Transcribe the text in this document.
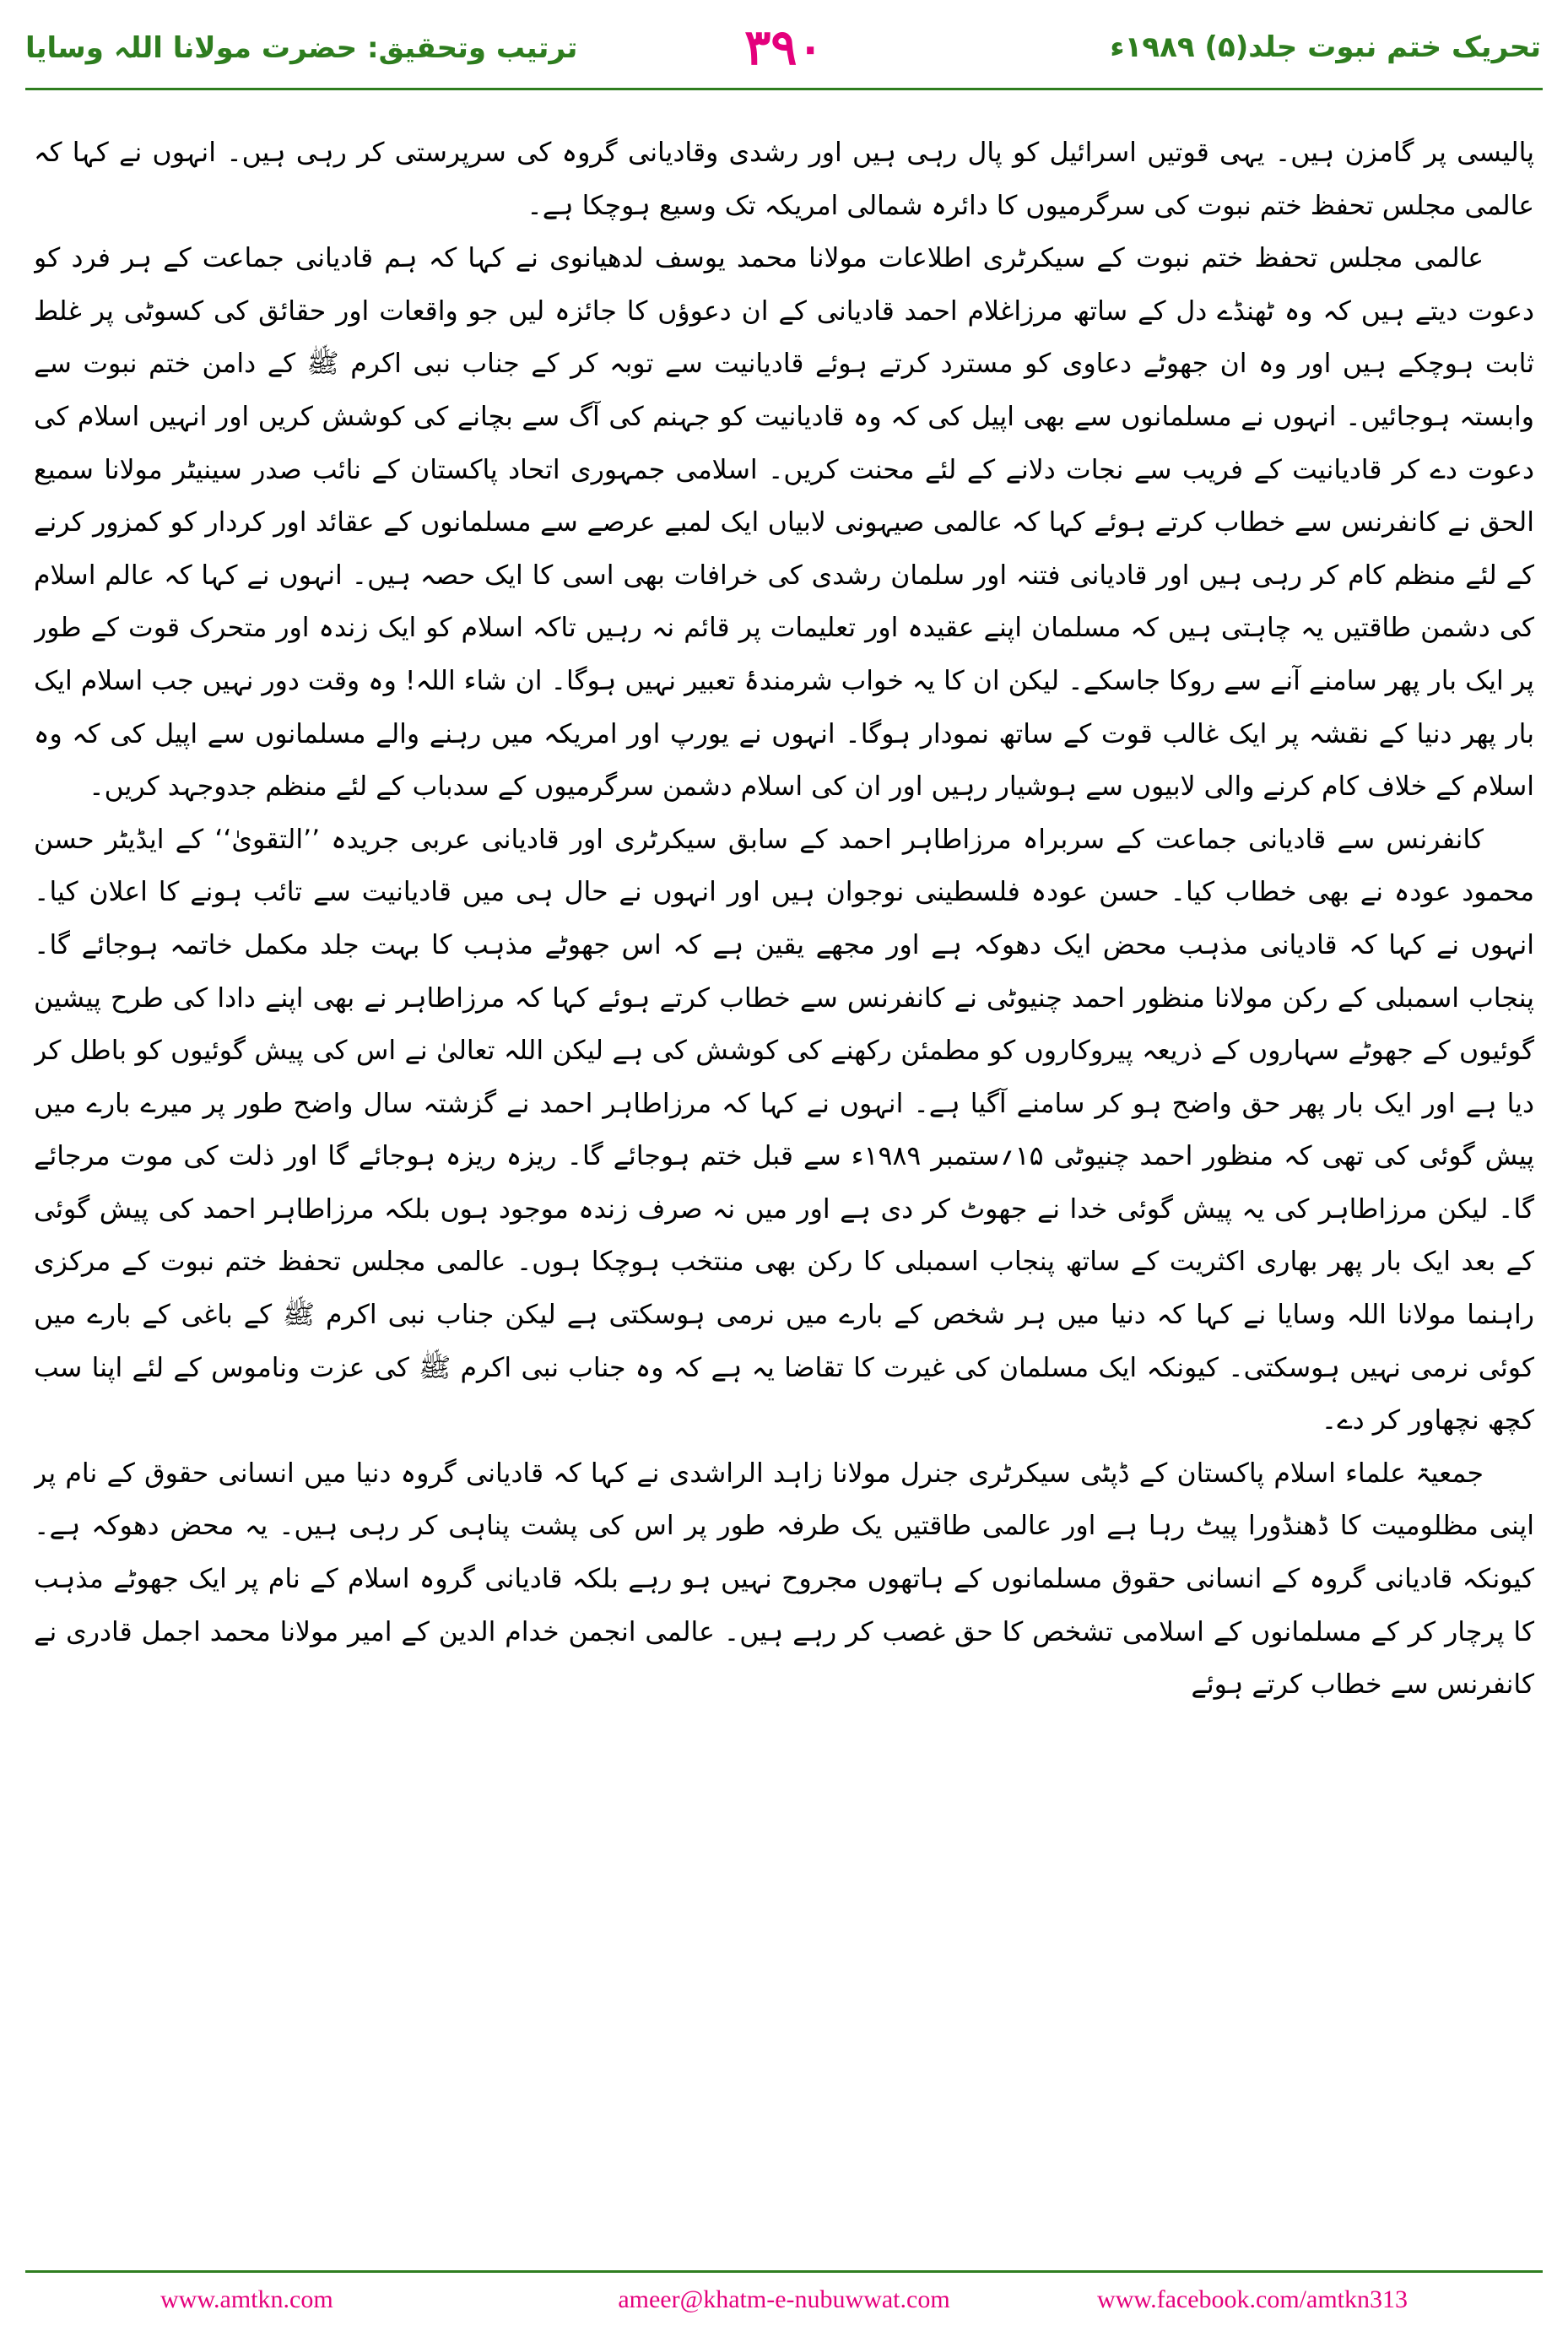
ترتیب وتحقیق: حضرت مولانا اللہ وسایا	۳۹۰	تحریک ختم نبوت جلد(۵) ۱۹۸۹ء

پالیسی پر گامزن ہیں۔ یہی قوتیں اسرائیل کو پال رہی ہیں اور رشدی وقادیانی گروہ کی سرپرستی کر رہی ہیں۔ انہوں نے کہا کہ عالمی مجلس تحفظ ختم نبوت کی سرگرمیوں کا دائرہ شمالی امریکہ تک وسیع ہوچکا ہے۔

عالمی مجلس تحفظ ختم نبوت کے سیکرٹری اطلاعات مولانا محمد یوسف لدھیانوی نے کہا کہ ہم قادیانی جماعت کے ہر فرد کو دعوت دیتے ہیں کہ وہ ٹھنڈے دل کے ساتھ مرزاغلام احمد قادیانی کے ان دعوؤں کا جائزہ لیں جو واقعات اور حقائق کی کسوٹی پر غلط ثابت ہوچکے ہیں اور وہ ان جھوٹے دعاوی کو مسترد کرتے ہوئے قادیانیت سے توبہ کر کے جناب نبی اکرم ﷺ کے دامن ختم نبوت سے وابستہ ہوجائیں۔ انہوں نے مسلمانوں سے بھی اپیل کی کہ وہ قادیانیت کو جہنم کی آگ سے بچانے کی کوشش کریں اور انہیں اسلام کی دعوت دے کر قادیانیت کے فریب سے نجات دلانے کے لئے محنت کریں۔ اسلامی جمہوری اتحاد پاکستان کے نائب صدر سینیٹر مولانا سمیع الحق نے کانفرنس سے خطاب کرتے ہوئے کہا کہ عالمی صیہونی لابیاں ایک لمبے عرصے سے مسلمانوں کے عقائد اور کردار کو کمزور کرنے کے لئے منظم کام کر رہی ہیں اور قادیانی فتنہ اور سلمان رشدی کی خرافات بھی اسی کا ایک حصہ ہیں۔ انہوں نے کہا کہ عالم اسلام کی دشمن طاقتیں یہ چاہتی ہیں کہ مسلمان اپنے عقیدہ اور تعلیمات پر قائم نہ رہیں تاکہ اسلام کو ایک زندہ اور متحرک قوت کے طور پر ایک بار پھر سامنے آنے سے روکا جاسکے۔ لیکن ان کا یہ خواب شرمندۂ تعبیر نہیں ہوگا۔ ان شاء اللہ! وہ وقت دور نہیں جب اسلام ایک بار پھر دنیا کے نقشہ پر ایک غالب قوت کے ساتھ نمودار ہوگا۔ انہوں نے یورپ اور امریکہ میں رہنے والے مسلمانوں سے اپیل کی کہ وہ اسلام کے خلاف کام کرنے والی لابیوں سے ہوشیار رہیں اور ان کی اسلام دشمن سرگرمیوں کے سدباب کے لئے منظم جدوجہد کریں۔

کانفرنس سے قادیانی جماعت کے سربراہ مرزاطاہر احمد کے سابق سیکرٹری اور قادیانی عربی جریدہ ’’التقویٰ‘‘ کے ایڈیٹر حسن محمود عودہ نے بھی خطاب کیا۔ حسن عودہ فلسطینی نوجوان ہیں اور انہوں نے حال ہی میں قادیانیت سے تائب ہونے کا اعلان کیا۔ انہوں نے کہا کہ قادیانی مذہب محض ایک دھوکہ ہے اور مجھے یقین ہے کہ اس جھوٹے مذہب کا بہت جلد مکمل خاتمہ ہوجائے گا۔ پنجاب اسمبلی کے رکن مولانا منظور احمد چنیوٹی نے کانفرنس سے خطاب کرتے ہوئے کہا کہ مرزاطاہر نے بھی اپنے دادا کی طرح پیشین گوئیوں کے جھوٹے سہاروں کے ذریعہ پیروکاروں کو مطمئن رکھنے کی کوشش کی ہے لیکن اللہ تعالیٰ نے اس کی پیش گوئیوں کو باطل کر دیا ہے اور ایک بار پھر حق واضح ہو کر سامنے آگیا ہے۔ انہوں نے کہا کہ مرزاطاہر احمد نے گزشتہ سال واضح طور پر میرے بارے میں پیش گوئی کی تھی کہ منظور احمد چنیوٹی ۱۵؍ستمبر ۱۹۸۹ء سے قبل ختم ہوجائے گا۔ ریزہ ریزہ ہوجائے گا اور ذلت کی موت مرجائے گا۔ لیکن مرزاطاہر کی یہ پیش گوئی خدا نے جھوٹ کر دی ہے اور میں نہ صرف زندہ موجود ہوں بلکہ مرزاطاہر احمد کی پیش گوئی کے بعد ایک بار پھر بھاری اکثریت کے ساتھ پنجاب اسمبلی کا رکن بھی منتخب ہوچکا ہوں۔ عالمی مجلس تحفظ ختم نبوت کے مرکزی راہنما مولانا اللہ وسایا نے کہا کہ دنیا میں ہر شخص کے بارے میں نرمی ہوسکتی ہے لیکن جناب نبی اکرم ﷺ کے باغی کے بارے میں کوئی نرمی نہیں ہوسکتی۔ کیونکہ ایک مسلمان کی غیرت کا تقاضا یہ ہے کہ وہ جناب نبی اکرم ﷺ کی عزت وناموس کے لئے اپنا سب کچھ نچھاور کر دے۔

جمعیۃ علماء اسلام پاکستان کے ڈپٹی سیکرٹری جنرل مولانا زاہد الراشدی نے کہا کہ قادیانی گروہ دنیا میں انسانی حقوق کے نام پر اپنی مظلومیت کا ڈھنڈورا پیٹ رہا ہے اور عالمی طاقتیں یک طرفہ طور پر اس کی پشت پناہی کر رہی ہیں۔ یہ محض دھوکہ ہے۔ کیونکہ قادیانی گروہ کے انسانی حقوق مسلمانوں کے ہاتھوں مجروح نہیں ہو رہے بلکہ قادیانی گروہ اسلام کے نام پر ایک جھوٹے مذہب کا پرچار کر کے مسلمانوں کے اسلامی تشخص کا حق غصب کر رہے ہیں۔ عالمی انجمن خدام الدین کے امیر مولانا محمد اجمل قادری نے کانفرنس سے خطاب کرتے ہوئے

www.amtkn.com	ameer@khatm-e-nubuwwat.com	www.facebook.com/amtkn313
